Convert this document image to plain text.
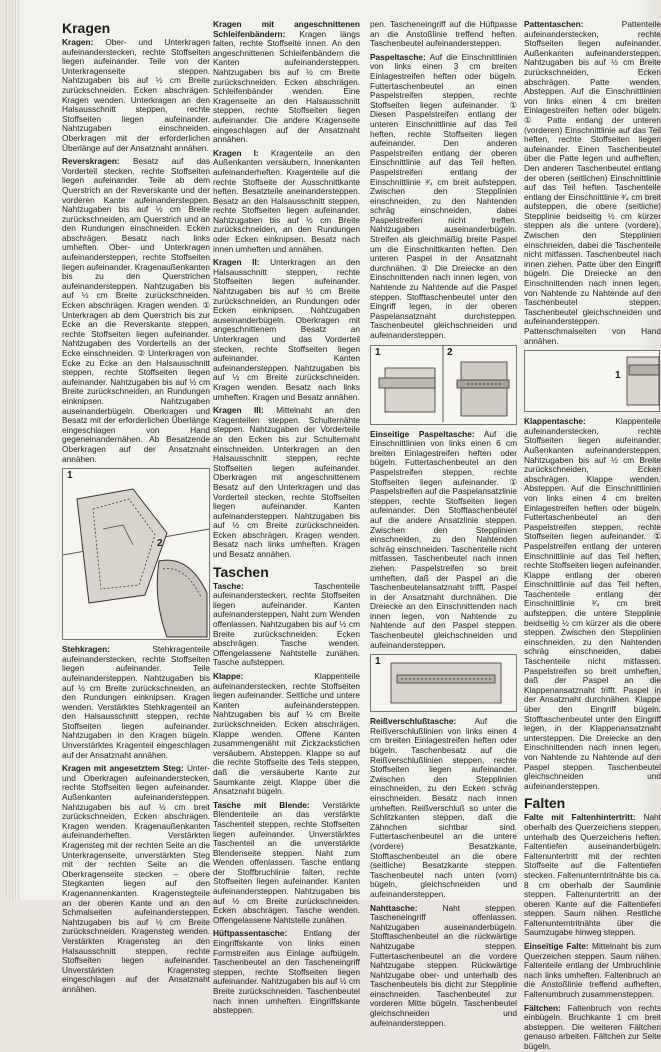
Kragen

Kragen: Ober- und Unterkragen aufeinanderstecken, rechte Stoffseiten liegen aufeinander. Teile von der Unterkragenseite steppen. Nahtzugaben bis auf ½ cm Breite zurückschneiden. Ecken abschrägen. Kragen wenden. Unterkragen an den Halsausschnitt steppen, rechte Stoffseiten liegen aufeinander. Nahtzugaben einschneiden. Oberkragen mit der erforderlichen Überlänge auf der Ansatznaht annähen.

Reverskragen: Besatz auf das Vorderteil stecken, rechte Stoffseiten liegen aufeinander. Teile ab dem Querstrich an der Reverskante und der vorderen Kante aufeinandersteppen. Nahtzugaben bis auf ½ cm Breite zurückschneiden, am Querstrich und an den Rundungen einschneiden. Ecken abschrägen. Besatz nach links umheften. Ober- und Unterkragen aufeinandersteppen, rechte Stoffseiten liegen aufeinander. Kragenaußenkanten bis zu den Querstrichen aufeinandersteppen. Nahtzugaben bis auf ½ cm Breite zurückschneiden. Ecken abschrägen. Kragen wenden. ① Unterkragen ab dem Querstrich bis zur Ecke an die Reverskante steppen, rechte Stoffseiten liegen aufeinander. Nahtzugaben des Vorderteils an der Ecke einschneiden. ② Unterkragen von Ecke zu Ecke an den Halsausschnitt steppen, rechte Stoffseiten liegen aufeinander. Nahtzugaben bis auf ½ cm Breite zurückschneiden, an Rundungen einknipsen. Nahtzugaben auseinanderbügeln. Oberkragen und Besatz mit der erforderlichen Überlänge eingeschlagen von Hand gegeneinandernähen. Ab Besatzende Oberkragen auf der Ansatznaht annähen.

1
2

Stehkragen:	Stehkragenteile aufeinanderstecken, rechte Stoffseiten liegen aufeinander. Teile aufeinandersteppen. Nahtzugaben bis auf ½ cm Breite zurückschneiden, an den Rundungen einknipsen. Kragen wenden. Verstärktes Stehkragenteil an den Halsausschnitt steppen, rechte Stoffseiten liegen aufeinander. Nahtzugaben in den Kragen bügeln. Unverstärktes Kragenteil eingeschlagen auf der Ansatznaht annähen.

Kragen mit angesetztem Steg: Unter- und Oberkragen aufeinanderstecken, rechte Stoffseiten liegen aufeinander. Außenkanten aufeinandersteppen. Nahtzugaben bis auf ½ cm breit zurückschneiden, Ecken abschrägen. Kragen wenden. Kragenaußenkanten aufeinanderheften. Verstärkten Kragensteg mit der rechten Seite an die Unterkragenseite, unverstärkten Steg mit der rechten Seite an die Oberkragenseite stecken – obere Stegkanten liegen auf den Kragenannenkanten. Kragenstegteile an der oberen Kante und an den Schmalseiten aufeinandersteppen. Nahtzugaben bis auf ½ cm Breite zurückschneiden. Kragensteg wenden. Verstärkten Kragensteg an den Halsausschnitt steppen, rechte Stoffseiten liegen aufeinander. Unverstärkten Kragensteg eingeschlagen auf der Ansatznaht annähen.

Kragen mit angeschnittenen Schleifenbändern: Kragen längs falten, rechte Stoffseite innen. An den angeschnittenen Schleifenbändern die Kanten aufeinandersteppen. Nahtzugaben bis auf ½ cm Breite zurückschneiden. Ecken abschrägen. Schleifenbänder wenden. Eine Kragenseite an den Halsausschnitt steppen, rechte Stoffseiten liegen aufeinander. Die andere Kragenseite eingeschlagen auf der Ansatznaht annähen.

Kragen I: Kragenteile an den Außenkanten versäubern, Innenkanten aufeinanderheften. Kragenteile auf die rechte Stoffseite der Ausschnittkante heften. Besatzteile aneinandersteppen. Besatz an den Halsausschnitt steppen, rechte Stoffseiten liegen aufeinander. Nahtzugaben bis auf ½ cm Breite zurückschneiden, an den Rundungen oder Ecken einknipsen. Besatz nach innen umheften und annähen.

Kragen II: Unterkragen an den Halsausschnitt steppen, rechte Stoffseiten liegen aufeinander. Nahtzugaben bis auf ½ cm Breite zurückschneiden, an Rundungen oder Ecken einknipsen. Nahtzugaben auseinanderbügeln. Oberkragen mit angeschnittenem Besatz an Unterkragen und das Vorderteil stecken, rechte Stoffseiten liegen aufeinander. Kanten aufeinandersteppen. Nahtzugaben bis auf ½ cm Breite zurückschneiden. Kragen wenden. Besatz nach links umheften. Kragen und Besatz annähen.

Kragen III: Mittelnaht an den Kragenteilen steppen. Schulternähte steppen. Nahtzugaben der Vorderteile an den Ecken bis zur Schulternaht einschneiden. Unterkragen an den Halsausschnitt steppen, rechte Stoffseiten liegen aufeinander. Oberkragen mit angeschnittenem Besatz auf den Unterkragen und das Vorderteil stecken, rechte Stoffseiten liegen aufeinander. Kanten aufeinandersteppen. Nahtzugaben bis auf ½ cm Breite zurückschneiden. Ecken abschrägen. Kragen wenden. Besatz nach links umheften. Kragen und Besatz annähen.

Taschen

Tasche:	Taschenteile aufeinanderstecken, rechte Stoffseiten liegen aufeinander. Kanten aufeinandersteppen, Naht zum Wenden offenlassen. Nahtzugaben bis auf ½ cm Breite zurückschneiden. Ecken abschrägen. Tasche wenden. Offengelassene Nahtstelle zunähen. Tasche aufsteppen.

Klappe:	Klappenteile aufeinanderstecken, rechte Stoffseiten liegen aufeinander. Seitliche und untere Kanten aufeinandersteppen. Nahtzugaben bis auf ½ cm Breite zurückschneiden. Ecken abschrägen. Klappe wenden. Offene Kanten zusammengenäht mit Zickzackstichen versäubern. Absteppen. Klappe so auf die rechte Stoffseite des Teils steppen, daß die versäuberte Kante zur Saumkante zeigt. Klappe über die Ansatznaht bügeln.

Tasche mit Blende: Verstärkte Blendenteile an das verstärkte Taschenteil steppen, rechte Stoffseiten liegen aufeinander. Unverstärktes Taschenteil an die unverstärkte Blendenseite steppen. Naht zum Wenden offenlassen. Tasche entlang der Stoffbruchlinie falten, rechte Stoffseiten liegen aufeinander. Kanten aufeinandersteppen. Nahtzugaben bis auf ½ cm Breite zurückschneiden. Ecken abschrägen. Tasche wenden. Offengelassene Nahtstelle zunähen.

Hüftpassentasche: Entlang der Eingriffskante von links einen Formstreifen aus Einlage aufbügeln. Taschenbeutel an den Tascheneingriff steppen, rechte Stoffseiten liegen aufeinander. Nahtzugaben bis auf ½ cm Breite zurückschneiden. Taschenbeutel nach innen umheften. Eingriffskante absteppen.

pen. Tascheneingriff auf die Hüftpasse an die Anstoßlinie treffend heften. Taschenbeutel aufeinandersteppen.

Paspeltasche: Auf die Einschnittlinien von links einen 3 cm breiten Einlagestreifen heften oder bügeln. Futtertaschenbeutel an einen Paspelstreifen steppen, rechte Stoffseiten liegen aufeinander. ① Diesen Paspelstreifen entlang der unteren Einschnittlinie auf das Teil heften, rechte Stoffseiten liegen aufeinander. Den anderen Paspelstreifen entlang der oberen Einschnittlinie auf das Teil heften. Paspelstreifen entlang der Einschnittlinie ³⁄₄ cm breit aufsteppen. Zwischen den Stepplinien einschneiden, zu den Nahtenden schräg einschneiden, dabei Paspelstreifen nicht treffen. Nahtzugaben auseinanderbügeln. Streifen als gleichmäßig breite Paspel um die Einschnittkanten heften. Den unteren Paspel in der Ansatznaht durchnähen. ② Die Dreiecke an den Einschnittenden nach innen legen, von Nahtende zu Nahtende auf die Paspel steppen. Stofftaschenbeutel unter den Eingriff legen, in der oberen Paspelansatznaht durchsteppen. Taschenbeutel gleichschneiden und aufeinandersteppen.

1	2

Einseitige Paspeltasche: Auf die Einschnittlinien von links einen 6 cm breiten Einlagestreifen heften oder bügeln. Futtertaschenbeutel an den Paspelstreifen steppen, rechte Stoffseiten liegen aufeinander. ① Paspelstreifen auf die Paspelansatzlinie steppen, rechte Stoffseiten liegen aufeinander. Den Stofftaschenbeutel auf die andere Ansatzlinie steppen. Zwischen den Stepplinien einschneiden, zu den Nahtenden schräg einschneiden. Taschenteile nicht mitfassen. Taschenbeutel nach innen ziehen. Paspelstreifen so breit umheften, daß der Paspel an die Taschenbeutelansatznaht trifft. Paspel in der Ansatznaht durchnähen. Die Dreiecke an den Einschnittenden nach innen legen, von Nahtende zu Nahtende auf den Paspel steppen. Taschenbeutel gleichschneiden und aufeinandersteppen.

1

Reißverschlußtasche: Auf die Reißverschlußlinien von links einen 4 cm breiten Einlagestreifen heften oder bügeln. Taschenbesatz auf die Reißverschlußlinien steppen, rechte Stoffseiten liegen aufeinander. Zwischen den Stepplinien einschneiden, zu den Ecken schräg einschneiden. Besatz nach innen umheften. Reißverschluß so unter die Schlitzkanten steppen, daß die Zähnchen sichtbar sind. Futtertaschenbeutel an die untere (vordere) Besatzkante, Stofftaschenbeutel an die obere (seitliche) Besatzkante steppen. Taschenbeutel nach unten (vorn) bügeln, gleichschneiden und aufeinandersteppen.

Nahttasche:	Naht steppen. Tascheneingriff offenlassen. Nahtzugaben auseinanderbügeln. Stofftaschenbeutel an die rückwärtige Nahtzugabe steppen. Futtertaschenbeutel an die vordere Nahtzugabe steppen. Rückwärtige Nahtzugabe ober- und unterhalb des Taschenbeutels bis dicht zur Stepplinie einschneiden. Taschenbeutel zur vorderen Mitte bügeln. Taschenbeutel gleichschneiden und aufeinandersteppen.

Pattentaschen:	Pattenteile aufeinanderstecken, rechte Stoffseiten liegen aufeinander. Außenkanten aufeinandersteppen. Nahtzugaben bis auf ½ cm Breite zurückschneiden, Ecken abschrägen. Patte wenden. Absteppen. Auf die Einschnittlinien von links einen 4 cm breiten Einlagestreifen heften oder bügeln. ① Patte entlang der unteren (vorderen) Einschnittlinie auf das Teil heften, rechte Stoffseiten liegen aufeinander. Einen Taschenbeutel über die Patte legen und aufheften. Den anderen Taschenbeutel entlang der oberen (seitlichen) Einschnittlinie auf das Teil heften. Taschenteile entlang der Einschnittlinie ³⁄₄ cm breit aufsteppen, die obere (seitliche) Stepplinie beidseitig ½ cm kürzer steppen als die untere (vordere). Zwischen den Stepplinien einschneiden, dabei die Taschenteile nicht mitfassen. Taschenbeutel nach innen ziehen. Patte über den Eingriff bügeln. Die Dreiecke an den Einschnittenden nach innen legen, von Nahtende zu Nahtende auf den Taschenbeutel steppen. Taschenbeutel gleichschneiden und aufeinandersteppen. Pattenschmalseiten von Hand annähen.

1

Klappentasche:	Klappenteile aufeinanderstecken, rechte Stoffseiten liegen aufeinander. Außenkanten aufeinandersteppen. Nahtzugaben bis auf ½ cm Breite zurückschneiden, Ecken abschrägen. Klappe wenden. Absteppen. Auf die Einschnittlinien von links einen 4 cm breiten Einlagestreifen heften oder bügeln. Futtertaschenbeutel an den Paspelstreifen steppen, rechte Stoffseiten liegen aufeinander. ① Paspelstreifen entlang der unteren Einschnittlinie auf das Teil heften, rechte Stoffseiten liegen aufeinander. Klappe entlang der oberen Einschnittlinie auf das Teil heften. Taschenteile entlang der Einschnittlinie ³⁄₄ cm breit aufsteppen, die untere Stepplinie beidseitig ½ cm kürzer als die obere steppen. Zwischen den Stepplinien einschneiden, zu den Nahtenden schräg einschneiden, dabei Taschenteile nicht mitfassen. Paspelstreifen so breit umheften, daß der Paspel an die Klappenansatznaht trifft. Paspel in der Ansatznaht durchnähen. Klappe über den Eingriff bügeln. Stofftaschenbeutel unter den Eingriff legen, in der Klappenansatznaht untersteppen. Die Dreiecke an den Einschnittenden nach innen legen, von Nahtende zu Nahtende auf den Paspel steppen. Taschenbeutel gleichschneiden und aufeinandersteppen.

Falten

Falte mit Faltenhintertritt: Naht oberhalb des Querzeichens steppen, unterhalb des Querzeichens heften. Faltentiefen auseinanderbügeln. Faltenuntertritt mit der rechten Stoffseite auf die Faltentiefen stecken. Faltenunterntritnähte bis ca. 8 cm oberhalb der Saumlinie steppen. Faltenuntertritt an der oberen Kante auf die Faltentiefen steppen. Saum nähen. Restliche Faltenunterntritnähte über die Saumzugabe hinweg steppen.

Einseitige Falte: Mittelnaht bis zum Querzeichen steppen. Saum nähen. Faltenteile entlang der Umbruchlinie nach links umheften. Faltenbruch an die Anstoßlinie treffend aufheften. Faltenumbruch zusammensteppen.

Fältchen: Faltenbruch von rechts einbügeln. Bruchkante 1 cm breit absteppen. Die weiteren Fältchen genauso arbeiten. Fältchen zur Seite bügeln.
